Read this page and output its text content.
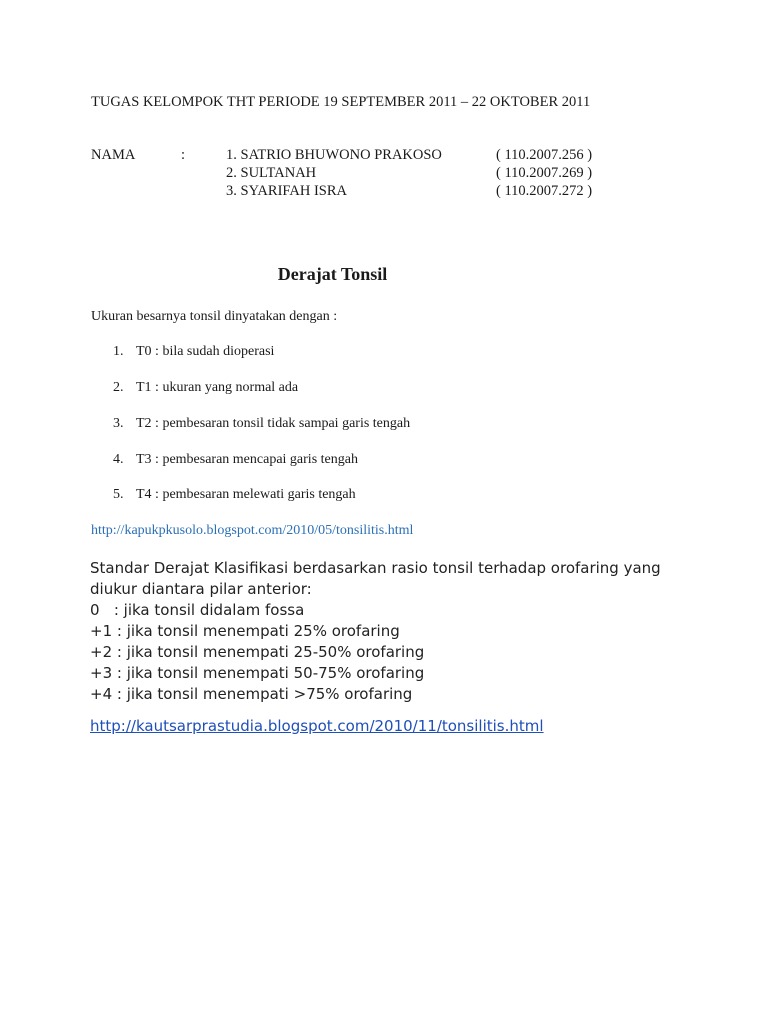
TUGAS KELOMPOK THT PERIODE 19 SEPTEMBER 2011 – 22 OKTOBER 2011
NAMA	:	1. SATRIO BHUWONO PRAKOSO	( 110.2007.256 )
2. SULTANAH	( 110.2007.269 )
3. SYARIFAH ISRA	( 110.2007.272 )
Derajat Tonsil
Ukuran besarnya tonsil dinyatakan dengan :
1. T0 : bila sudah dioperasi
2. T1 : ukuran yang normal ada
3. T2 : pembesaran tonsil tidak sampai garis tengah
4. T3 : pembesaran mencapai garis tengah
5. T4 : pembesaran melewati garis tengah
http://kapukpkusolo.blogspot.com/2010/05/tonsilitis.html
Standar Derajat Klasifikasi berdasarkan rasio tonsil terhadap orofaring yang
diukur diantara pilar anterior:
0   : jika tonsil didalam fossa
+1 : jika tonsil menempati 25% orofaring
+2 : jika tonsil menempati 25-50% orofaring
+3 : jika tonsil menempati 50-75% orofaring
+4 : jika tonsil menempati >75% orofaring
http://kautsarprastudia.blogspot.com/2010/11/tonsilitis.html
